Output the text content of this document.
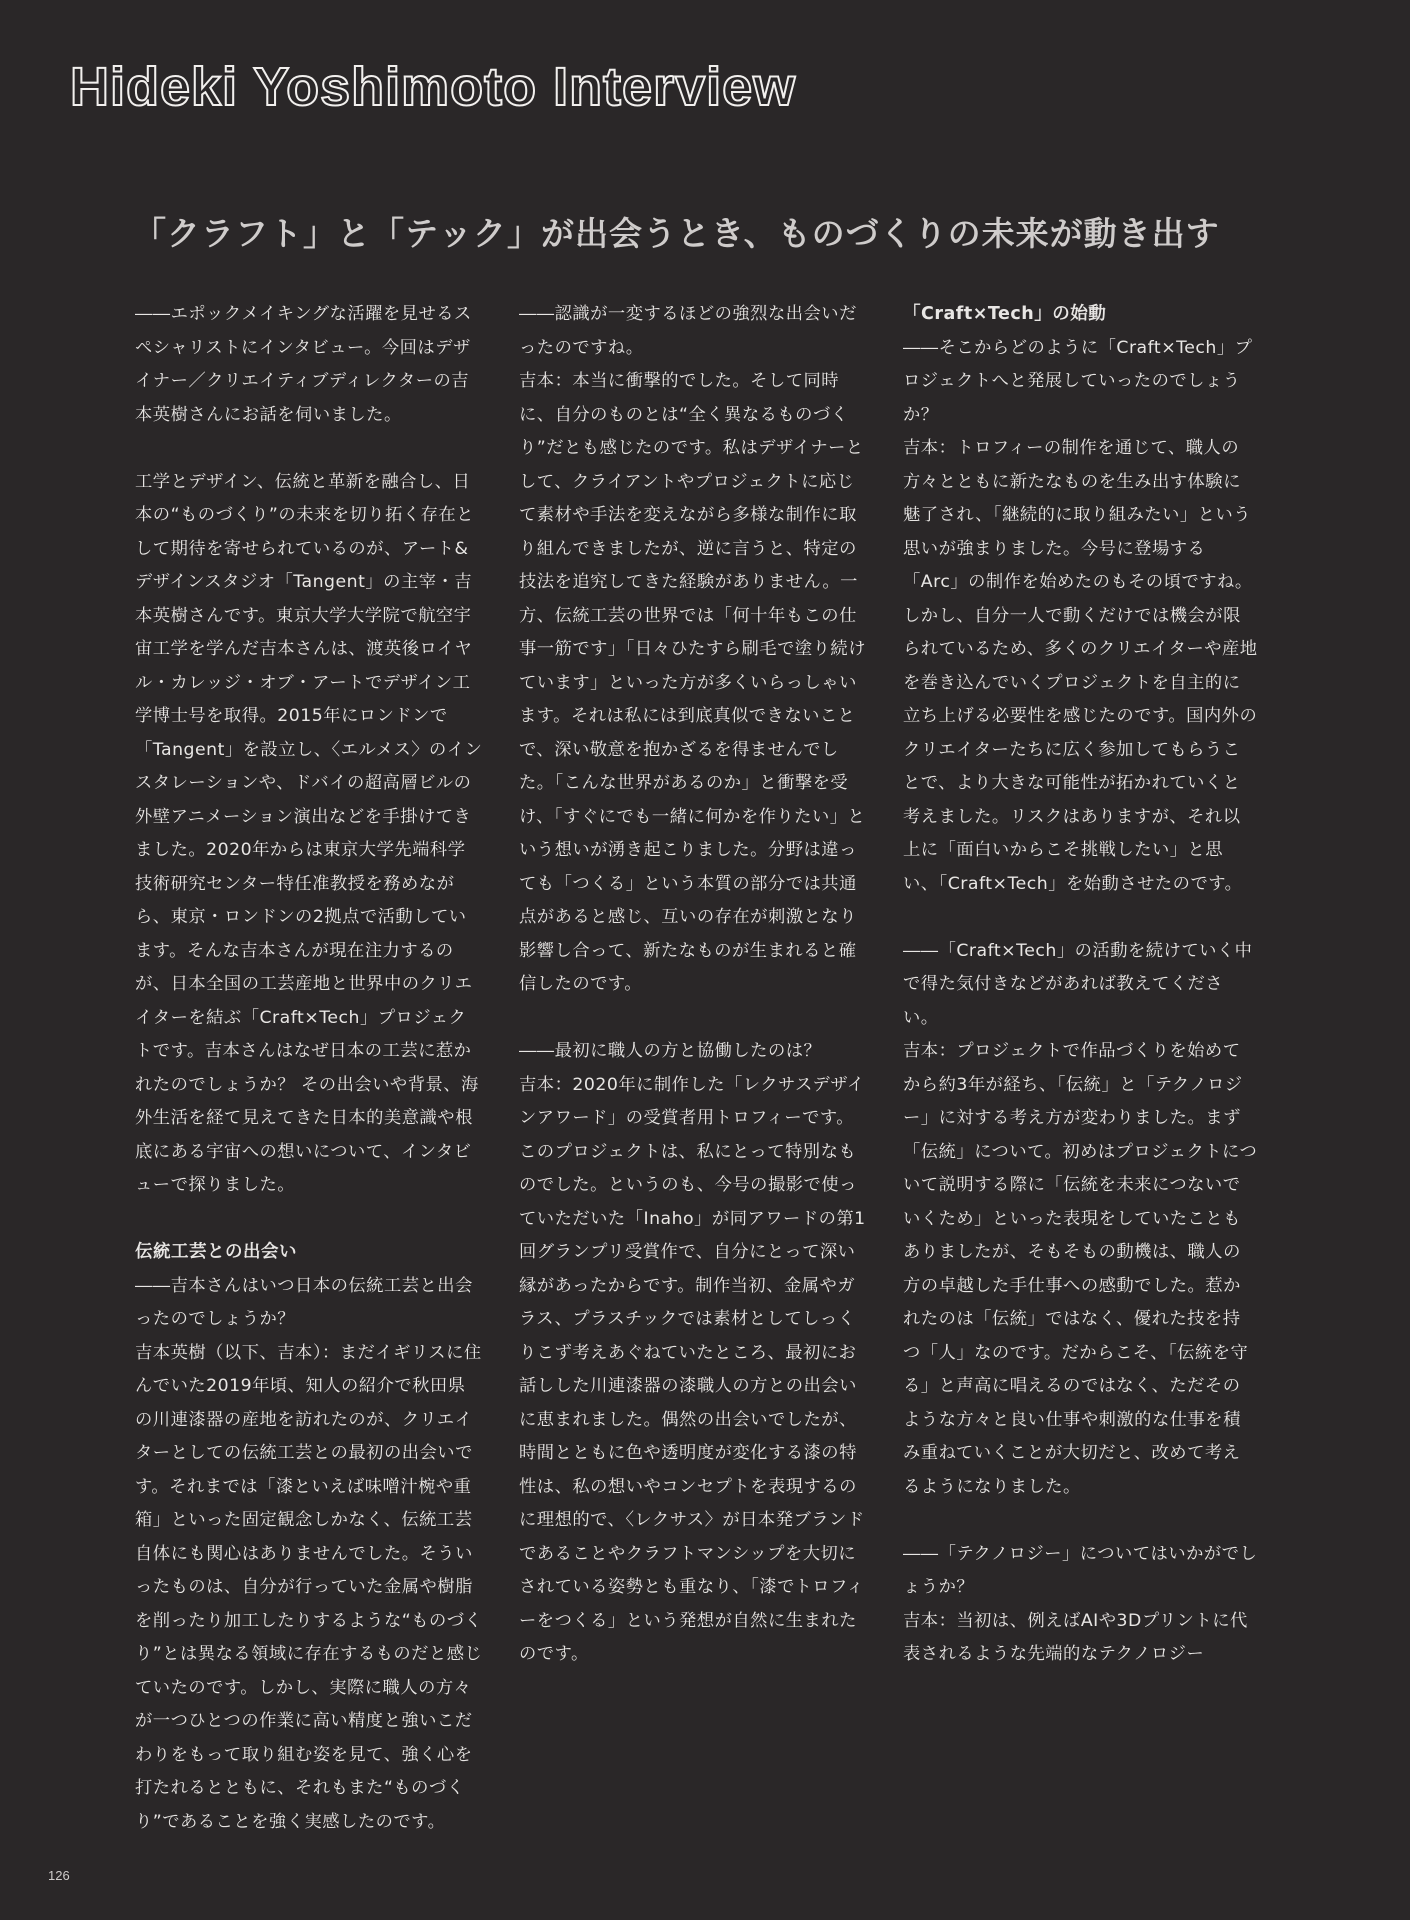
Hideki Yoshimoto Interview
「クラフト」と「テック」が出会うとき、ものづくりの未来が動き出す

――エポックメイキングな活躍を見せるスペシャリストにインタビュー。今回はデザイナー／クリエイティブディレクターの吉本英樹さんにお話を伺いました。

工学とデザイン、伝統と革新を融合し、日本の“ものづくり”の未来を切り拓く存在として期待を寄せられているのが、アート&デザインスタジオ「Tangent」の主宰・吉本英樹さんです。東京大学大学院で航空宇宙工学を学んだ吉本さんは、渡英後ロイヤル・カレッジ・オブ・アートでデザイン工学博士号を取得。2015年にロンドンで「Tangent」を設立し、〈エルメス〉のインスタレーションや、ドバイの超高層ビルの外壁アニメーション演出などを手掛けてきました。2020年からは東京大学先端科学技術研究センター特任准教授を務めながら、東京・ロンドンの2拠点で活動しています。そんな吉本さんが現在注力するのが、日本全国の工芸産地と世界中のクリエイターを結ぶ「Craft×Tech」プロジェクトです。吉本さんはなぜ日本の工芸に惹かれたのでしょうか？ その出会いや背景、海外生活を経て見えてきた日本的美意識や根底にある宇宙への想いについて、インタビューで探りました。

伝統工芸との出会い

――吉本さんはいつ日本の伝統工芸と出会ったのでしょうか？

吉本英樹（以下、吉本）：まだイギリスに住んでいた2019年頃、知人の紹介で秋田県の川連漆器の産地を訪れたのが、クリエイターとしての伝統工芸との最初の出会いです。それまでは「漆といえば味噌汁椀や重箱」といった固定観念しかなく、伝統工芸自体にも関心はありませんでした。そういったものは、自分が行っていた金属や樹脂を削ったり加工したりするような“ものづくり”とは異なる領域に存在するものだと感じていたのです。しかし、実際に職人の方々が一つひとつの作業に高い精度と強いこだわりをもって取り組む姿を見て、強く心を打たれるとともに、それもまた“ものづくり”であることを強く実感したのです。

――認識が一変するほどの強烈な出会いだったのですね。

吉本：本当に衝撃的でした。そして同時に、自分のものとは“全く異なるものづくり”だとも感じたのです。私はデザイナーとして、クライアントやプロジェクトに応じて素材や手法を変えながら多様な制作に取り組んできましたが、逆に言うと、特定の技法を追究してきた経験がありません。一方、伝統工芸の世界では「何十年もこの仕事一筋です」「日々ひたすら刷毛で塗り続けています」といった方が多くいらっしゃいます。それは私には到底真似できないことで、深い敬意を抱かざるを得ませんでした。「こんな世界があるのか」と衝撃を受け、「すぐにでも一緒に何かを作りたい」という想いが湧き起こりました。分野は違っても「つくる」という本質の部分では共通点があると感じ、互いの存在が刺激となり影響し合って、新たなものが生まれると確信したのです。

――最初に職人の方と協働したのは？

吉本：2020年に制作した「レクサスデザインアワード」の受賞者用トロフィーです。このプロジェクトは、私にとって特別なものでした。というのも、今号の撮影で使っていただいた「Inaho」が同アワードの第1回グランプリ受賞作で、自分にとって深い縁があったからです。制作当初、金属やガラス、プラスチックでは素材としてしっくりこず考えあぐねていたところ、最初にお話しした川連漆器の漆職人の方との出会いに恵まれました。偶然の出会いでしたが、時間とともに色や透明度が変化する漆の特性は、私の想いやコンセプトを表現するのに理想的で、〈レクサス〉が日本発ブランドであることやクラフトマンシップを大切にされている姿勢とも重なり、「漆でトロフィーをつくる」という発想が自然に生まれたのです。

「Craft×Tech」の始動

――そこからどのように「Craft×Tech」プロジェクトへと発展していったのでしょうか？

吉本：トロフィーの制作を通じて、職人の方々とともに新たなものを生み出す体験に魅了され、「継続的に取り組みたい」という思いが強まりました。今号に登場する「Arc」の制作を始めたのもその頃ですね。しかし、自分一人で動くだけでは機会が限られているため、多くのクリエイターや産地を巻き込んでいくプロジェクトを自主的に立ち上げる必要性を感じたのです。国内外のクリエイターたちに広く参加してもらうことで、より大きな可能性が拓かれていくと考えました。リスクはありますが、それ以上に「面白いからこそ挑戦したい」と思い、「Craft×Tech」を始動させたのです。

――「Craft×Tech」の活動を続けていく中で得た気付きなどがあれば教えてください。

吉本：プロジェクトで作品づくりを始めてから約3年が経ち、「伝統」と「テクノロジー」に対する考え方が変わりました。まず「伝統」について。初めはプロジェクトについて説明する際に「伝統を未来につないでいくため」といった表現をしていたこともありましたが、そもそもの動機は、職人の方の卓越した手仕事への感動でした。惹かれたのは「伝統」ではなく、優れた技を持つ「人」なのです。だからこそ、「伝統を守る」と声高に唱えるのではなく、ただそのような方々と良い仕事や刺激的な仕事を積み重ねていくことが大切だと、改めて考えるようになりました。

――「テクノロジー」についてはいかがでしょうか？

吉本：当初は、例えばAIや3Dプリントに代表されるような先端的なテクノロジー

126
